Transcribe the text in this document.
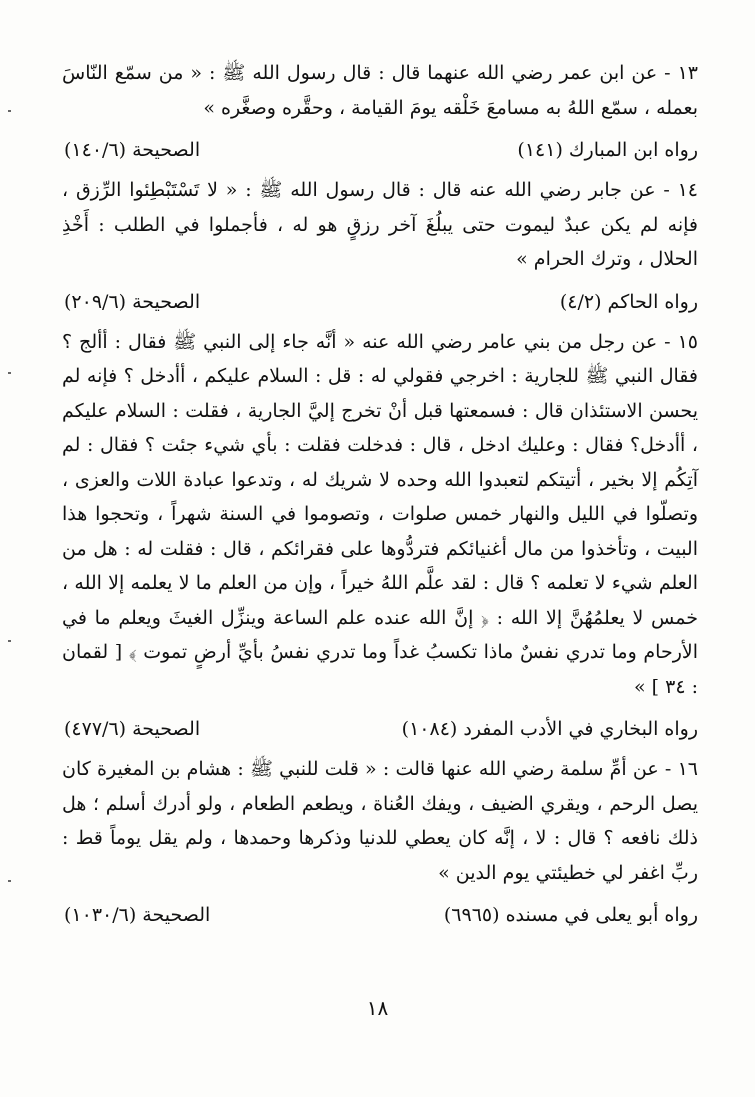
١٣ - عن ابن عمر رضي الله عنهما قال : قال رسول الله ﷺ : « من سمّع النّاسَ بعمله ، سمّع اللهُ به مسامعَ خَلْقه يومَ القيامة ، وحقَّره وصغَّره »

رواه ابن المبارك (١٤١)
الصحيحة (١٤٠/٦)

١٤ - عن جابر رضي الله عنه قال : قال رسول الله ﷺ : « لا تَسْتَبْطِئوا الرِّزق ، فإنه لم يكن عبدٌ ليموت حتى يبلُغَ آخر رزقٍ هو له ، فأجملوا في الطلب : أَخْذِ الحلال ، وترك الحرام »

رواه الحاكم (٤/٢)
الصحيحة (٢٠٩/٦)

١٥ - عن رجل من بني عامر رضي الله عنه « أنَّه جاء إلى النبي ﷺ فقال : أألج ؟ فقال النبي ﷺ للجارية : اخرجي فقولي له : قل : السلام عليكم ، أأدخل ؟ فإنه لم يحسن الاستئذان قال : فسمعتها قبل أنْ تخرج إليَّ الجارية ، فقلت : السلام عليكم ، أأدخل؟ فقال : وعليك ادخل ، قال : فدخلت فقلت : بأي شيء جئت ؟ فقال : لم آتِكُم إلا بخير ، أتيتكم لتعبدوا الله وحده لا شريك له ، وتدعوا عبادة اللات والعزى ، وتصلّوا في الليل والنهار خمس صلوات ، وتصوموا في السنة شهراً ، وتحجوا هذا البيت ، وتأخذوا من مال أغنيائكم فتردُّوها على فقرائكم ، قال : فقلت له : هل من العلم شيء لا تعلمه ؟ قال : لقد علَّم اللهُ خيراً ، وإن من العلم ما لا يعلمه إلا الله ، خمس لا يعلمُهُنَّ إلا الله : ﴿ إنَّ الله عنده علم الساعة وينزِّل الغيثَ ويعلم ما في الأرحام وما تدري نفسٌ ماذا تكسبُ غداً وما تدري نفسُ بأيِّ أرضٍ تموت ﴾ [ لقمان : ٣٤ ] »

رواه البخاري في الأدب المفرد (١٠٨٤)
الصحيحة (٤٧٧/٦)

١٦ - عن أمِّ سلمة رضي الله عنها قالت : « قلت للنبي ﷺ : هشام بن المغيرة كان يصل الرحم ، ويقري الضيف ، ويفك العُناة ، ويطعم الطعام ، ولو أدرك أسلم ؛ هل ذلك نافعه ؟ قال : لا ، إنَّه كان يعطي للدنيا وذكرها وحمدها ، ولم يقل يوماً قط : ربِّ اغفر لي خطيئتي يوم الدين »

رواه أبو يعلى في مسنده (٦٩٦٥)
الصحيحة (١٠٣٠/٦)
١٨
